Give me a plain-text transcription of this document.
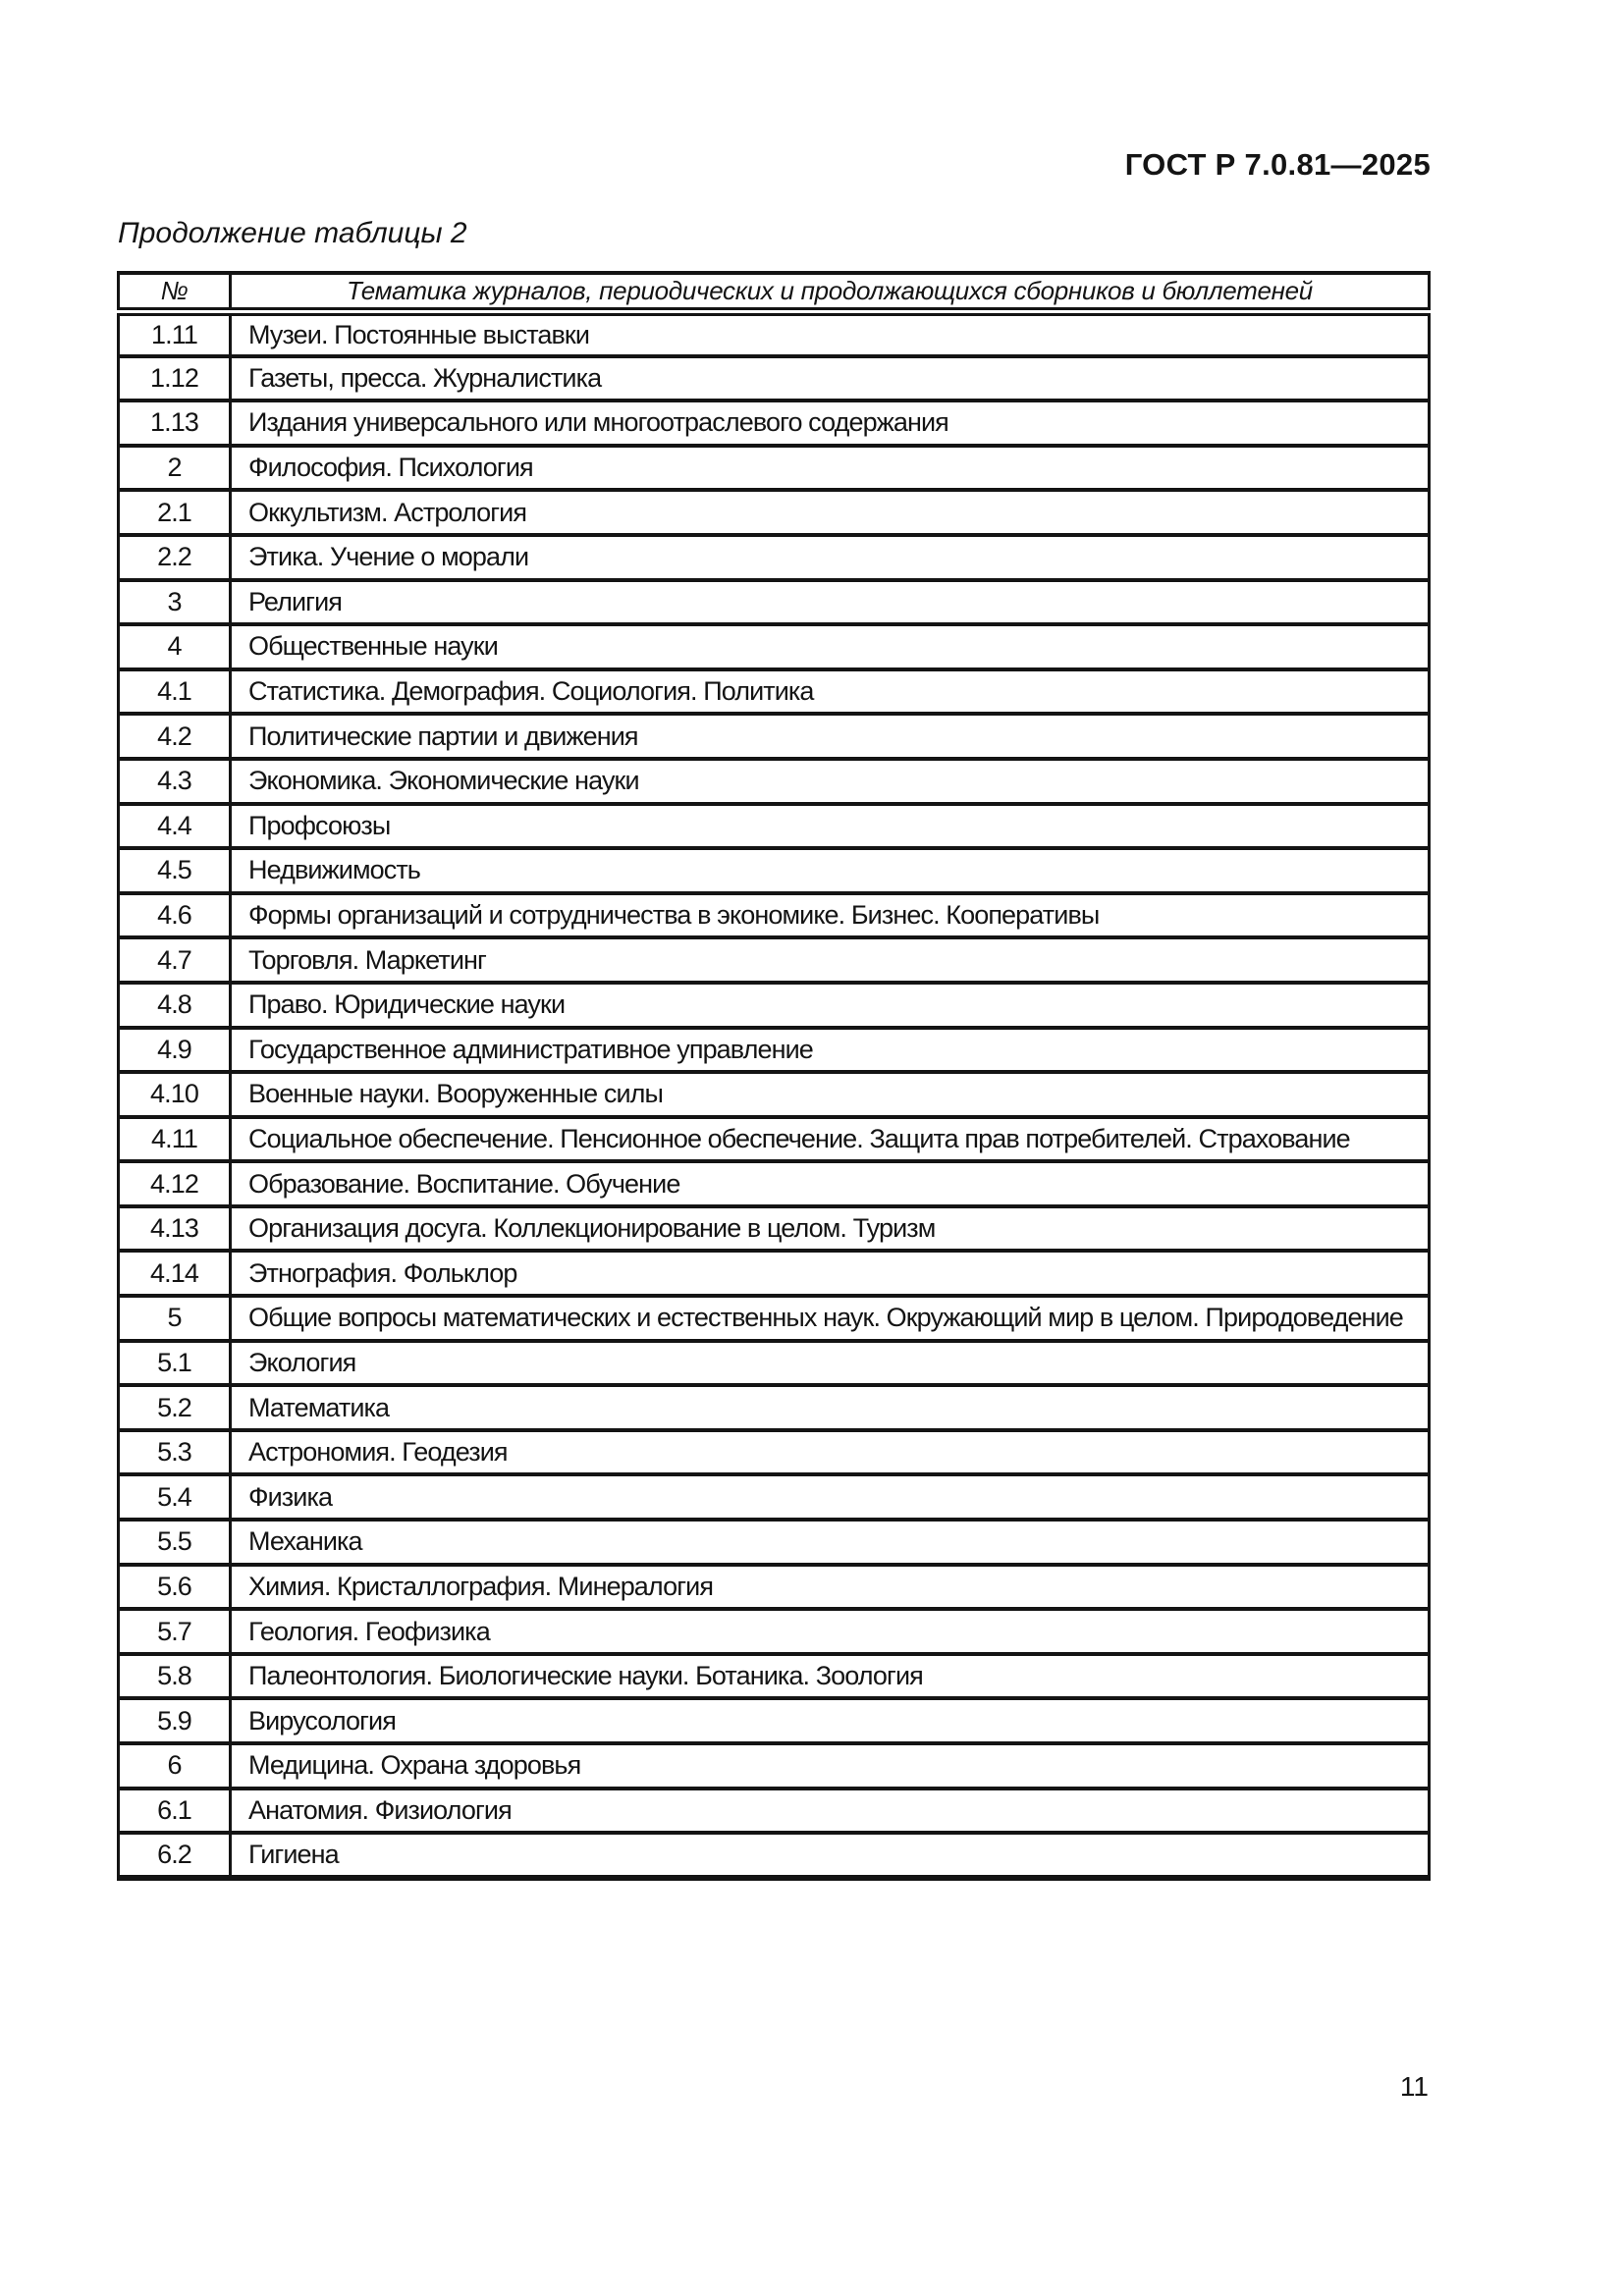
ГОСТ Р 7.0.81—2025
Продолжение таблицы 2
№	Тематика журналов, периодических и продолжающихся сборников и бюллетеней
1.11	Музеи. Постоянные выставки
1.12	Газеты, пресса. Журналистика
1.13	Издания универсального или многоотраслевого содержания
2	Философия. Психология
2.1	Оккультизм. Астрология
2.2	Этика. Учение о морали
3	Религия
4	Общественные науки
4.1	Статистика. Демография. Социология. Политика
4.2	Политические партии и движения
4.3	Экономика. Экономические науки
4.4	Профсоюзы
4.5	Недвижимость
4.6	Формы организаций и сотрудничества в экономике. Бизнес. Кооперативы
4.7	Торговля. Маркетинг
4.8	Право. Юридические науки
4.9	Государственное административное управление
4.10	Военные науки. Вооруженные силы
4.11	Социальное обеспечение. Пенсионное обеспечение. Защита прав потребителей. Страхование
4.12	Образование. Воспитание. Обучение
4.13	Организация досуга. Коллекционирование в целом. Туризм
4.14	Этнография. Фольклор
5	Общие вопросы математических и естественных наук. Окружающий мир в целом. Природоведение
5.1	Экология
5.2	Математика
5.3	Астрономия. Геодезия
5.4	Физика
5.5	Механика
5.6	Химия. Кристаллография. Минералогия
5.7	Геология. Геофизика
5.8	Палеонтология. Биологические науки. Ботаника. Зоология
5.9	Вирусология
6	Медицина. Охрана здоровья
6.1	Анатомия. Физиология
6.2	Гигиена
11
